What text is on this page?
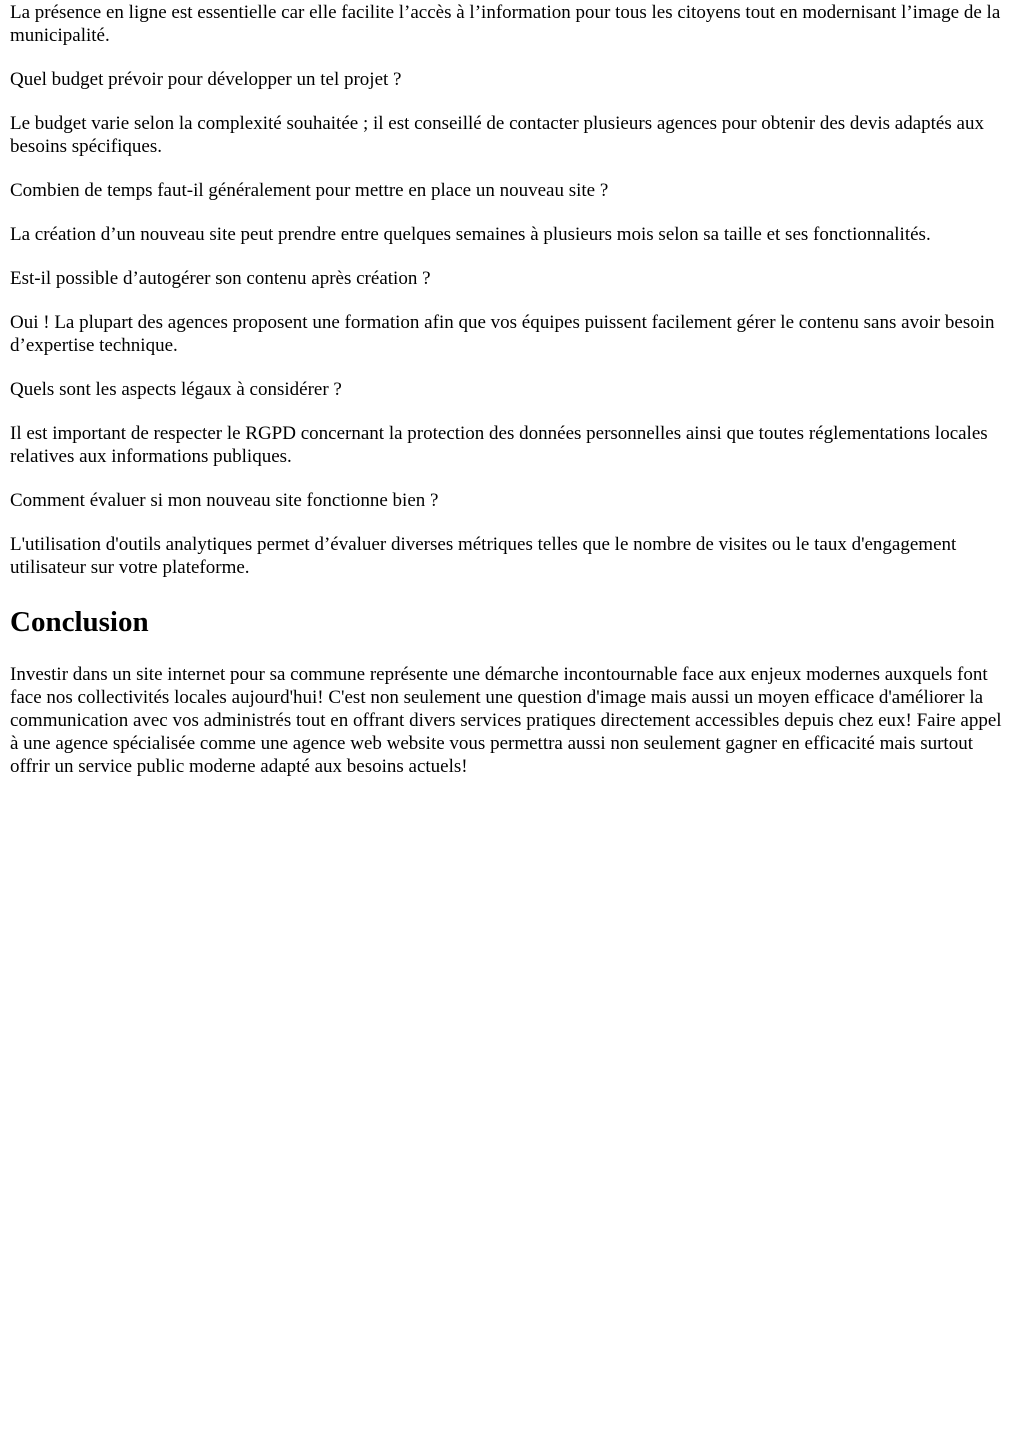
La présence en ligne est essentielle car elle facilite l’accès à l’information pour tous les citoyens tout en modernisant l’image de la municipalité.

Quel budget prévoir pour développer un tel projet ?

Le budget varie selon la complexité souhaitée ; il est conseillé de contacter plusieurs agences pour obtenir des devis adaptés aux besoins spécifiques.

Combien de temps faut-il généralement pour mettre en place un nouveau site ?

La création d’un nouveau site peut prendre entre quelques semaines à plusieurs mois selon sa taille et ses fonctionnalités.

Est-il possible d’autogérer son contenu après création ?

Oui ! La plupart des agences proposent une formation afin que vos équipes puissent facilement gérer le contenu sans avoir besoin d’expertise technique.

Quels sont les aspects légaux à considérer ?

Il est important de respecter le RGPD concernant la protection des données personnelles ainsi que toutes réglementations locales relatives aux informations publiques.

Comment évaluer si mon nouveau site fonctionne bien ?

L'utilisation d'outils analytiques permet d’évaluer diverses métriques telles que le nombre de visites ou le taux d'engagement utilisateur sur votre plateforme.

Conclusion

Investir dans un site internet pour sa commune représente une démarche incontournable face aux enjeux modernes auxquels font face nos collectivités locales aujourd'hui! C'est non seulement une question d'image mais aussi un moyen efficace d'améliorer la communication avec vos administrés tout en offrant divers services pratiques directement accessibles depuis chez eux! Faire appel à une agence spécialisée comme une agence web website vous permettra aussi non seulement gagner en efficacité mais surtout offrir un service public moderne adapté aux besoins actuels!
